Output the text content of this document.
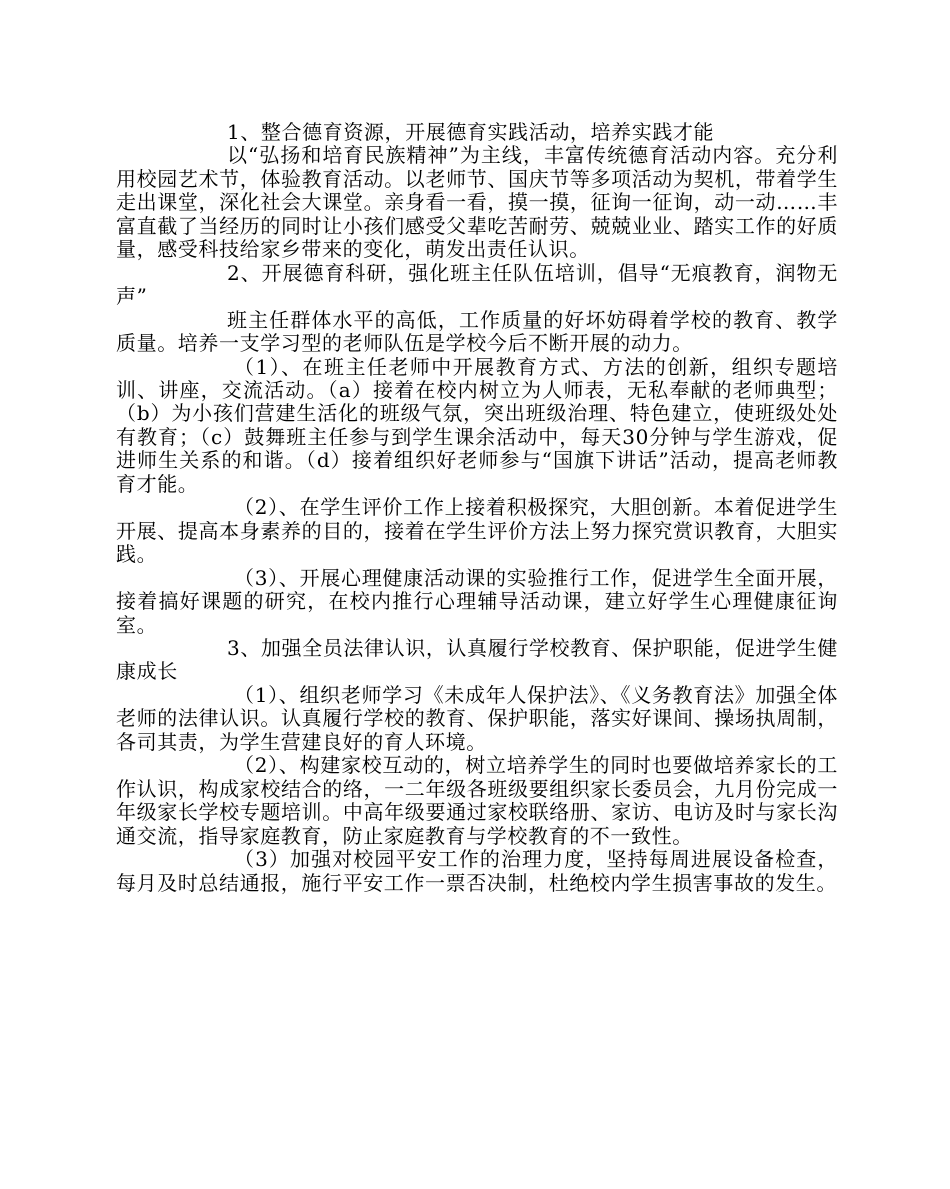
1、整合德育资源，开展德育实践活动，培养实践才能

以“弘扬和培育民族精神”为主线，丰富传统德育活动内容。充分利用校园艺术节，体验教育活动。以老师节、国庆节等多项活动为契机，带着学生走出课堂，深化社会大课堂。亲身看一看，摸一摸，征询一征询，动一动……丰富直截了当经历的同时让小孩们感受父辈吃苦耐劳、兢兢业业、踏实工作的好质量，感受科技给家乡带来的变化，萌发出责任认识。

2、开展德育科研，强化班主任队伍培训，倡导“无痕教育，润物无声”

班主任群体水平的高低，工作质量的好坏妨碍着学校的教育、教学质量。培养一支学习型的老师队伍是学校今后不断开展的动力。

（1）、在班主任老师中开展教育方式、方法的创新，组织专题培训、讲座，交流活动。（a）接着在校内树立为人师表，无私奉献的老师典型；（b）为小孩们营建生活化的班级气氛，突出班级治理、特色建立，使班级处处有教育；（c）鼓舞班主任参与到学生课余活动中，每天30分钟与学生游戏，促进师生关系的和谐。（d）接着组织好老师参与“国旗下讲话”活动，提高老师教育才能。

（2）、在学生评价工作上接着积极探究，大胆创新。本着促进学生开展、提高本身素养的目的，接着在学生评价方法上努力探究赏识教育，大胆实践。

（3）、开展心理健康活动课的实验推行工作，促进学生全面开展，接着搞好课题的研究，在校内推行心理辅导活动课，建立好学生心理健康征询室。

3、加强全员法律认识，认真履行学校教育、保护职能，促进学生健康成长

（1）、组织老师学习《未成年人保护法》、《义务教育法》加强全体老师的法律认识。认真履行学校的教育、保护职能，落实好课间、操场执周制，各司其责，为学生营建良好的育人环境。

（2）、构建家校互动的，树立培养学生的同时也要做培养家长的工作认识，构成家校结合的络，一二年级各班级要组织家长委员会，九月份完成一年级家长学校专题培训。中高年级要通过家校联络册、家访、电访及时与家长沟通交流，指导家庭教育，防止家庭教育与学校教育的不一致性。

（3）加强对校园平安工作的治理力度，坚持每周进展设备检查，每月及时总结通报，施行平安工作一票否决制，杜绝校内学生损害事故的发生。
